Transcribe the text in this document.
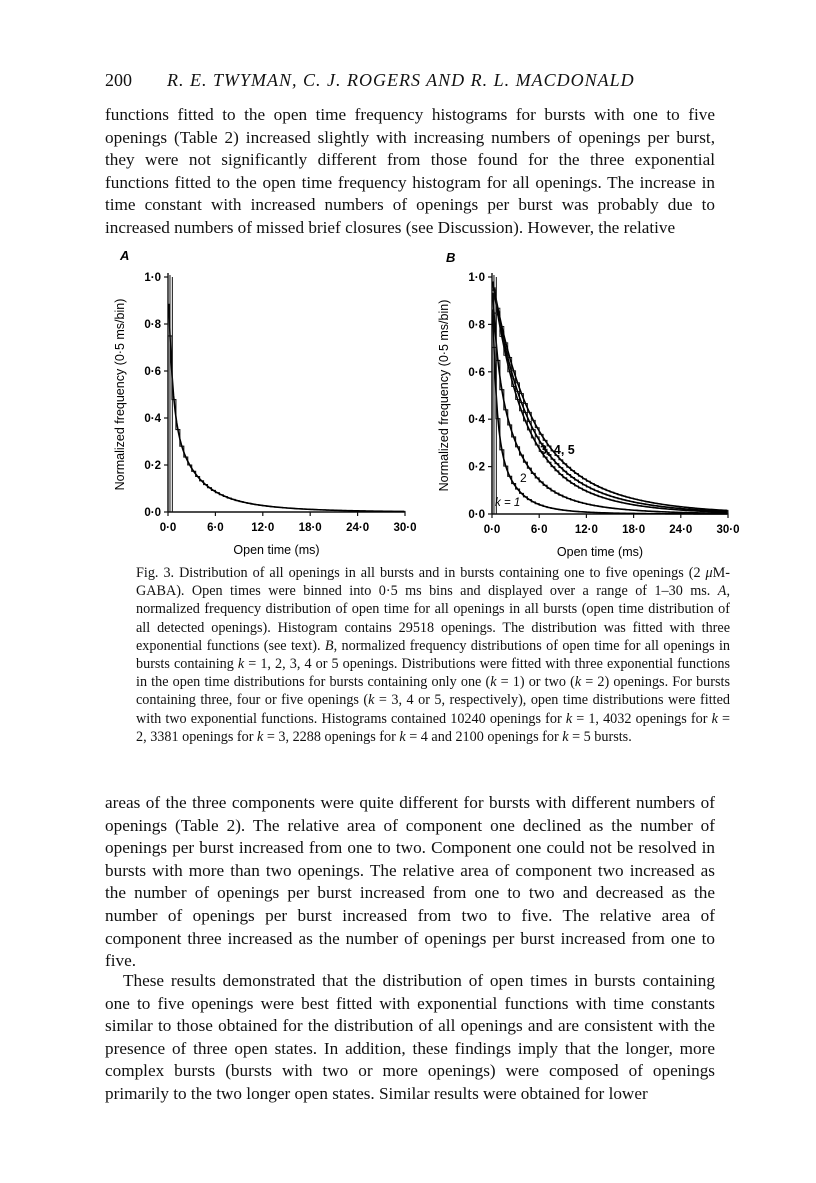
200 R. E. TWYMAN, C. J. ROGERS AND R. L. MACDONALD

functions fitted to the open time frequency histograms for bursts with one to five openings (Table 2) increased slightly with increasing numbers of openings per burst, they were not significantly different from those found for the three exponential functions fitted to the open time frequency histogram for all openings. The increase in time constant with increased numbers of openings per burst was probably due to increased numbers of missed brief closures (see Discussion). However, the relative

A
0·0
0·2
0·4
0·6
0·8
1·0
0·0	6·0 12·0 18·0 24·0 30·0
Normalized frequency (0·5 ms/bin)
Open time (ms)
B
0·0
0·2
0·4
0·6
0·8
1·0
0·0	6·0 12·0 18·0 24·0 30·0
Normalized frequency (0·5 ms/bin)
Open time (ms)
k = 1
2
3, 4, 5

Fig. 3. Distribution of all openings in all bursts and in bursts containing one to five openings (2 μM-GABA). Open times were binned into 0·5 ms bins and displayed over a range of 1–30 ms. A, normalized frequency distribution of open time for all openings in all bursts (open time distribution of all detected openings). Histogram contains 29518 openings. The distribution was fitted with three exponential functions (see text). B, normalized frequency distributions of open time for all openings in bursts containing k = 1, 2, 3, 4 or 5 openings. Distributions were fitted with three exponential functions in the open time distributions for bursts containing only one (k = 1) or two (k = 2) openings. For bursts containing three, four or five openings (k = 3, 4 or 5, respectively), open time distributions were fitted with two exponential functions. Histograms contained 10240 openings for k = 1, 4032 openings for k = 2, 3381 openings for k = 3, 2288 openings for k = 4 and 2100 openings for k = 5 bursts.

areas of the three components were quite different for bursts with different numbers of openings (Table 2). The relative area of component one declined as the number of openings per burst increased from one to two. Component one could not be resolved in bursts with more than two openings. The relative area of component two increased as the number of openings per burst increased from one to two and decreased as the number of openings per burst increased from two to five. The relative area of component three increased as the number of openings per burst increased from one to five.

These results demonstrated that the distribution of open times in bursts containing one to five openings were best fitted with exponential functions with time constants similar to those obtained for the distribution of all openings and are consistent with the presence of three open states. In addition, these findings imply that the longer, more complex bursts (bursts with two or more openings) were composed of openings primarily to the two longer open states. Similar results were obtained for lower
